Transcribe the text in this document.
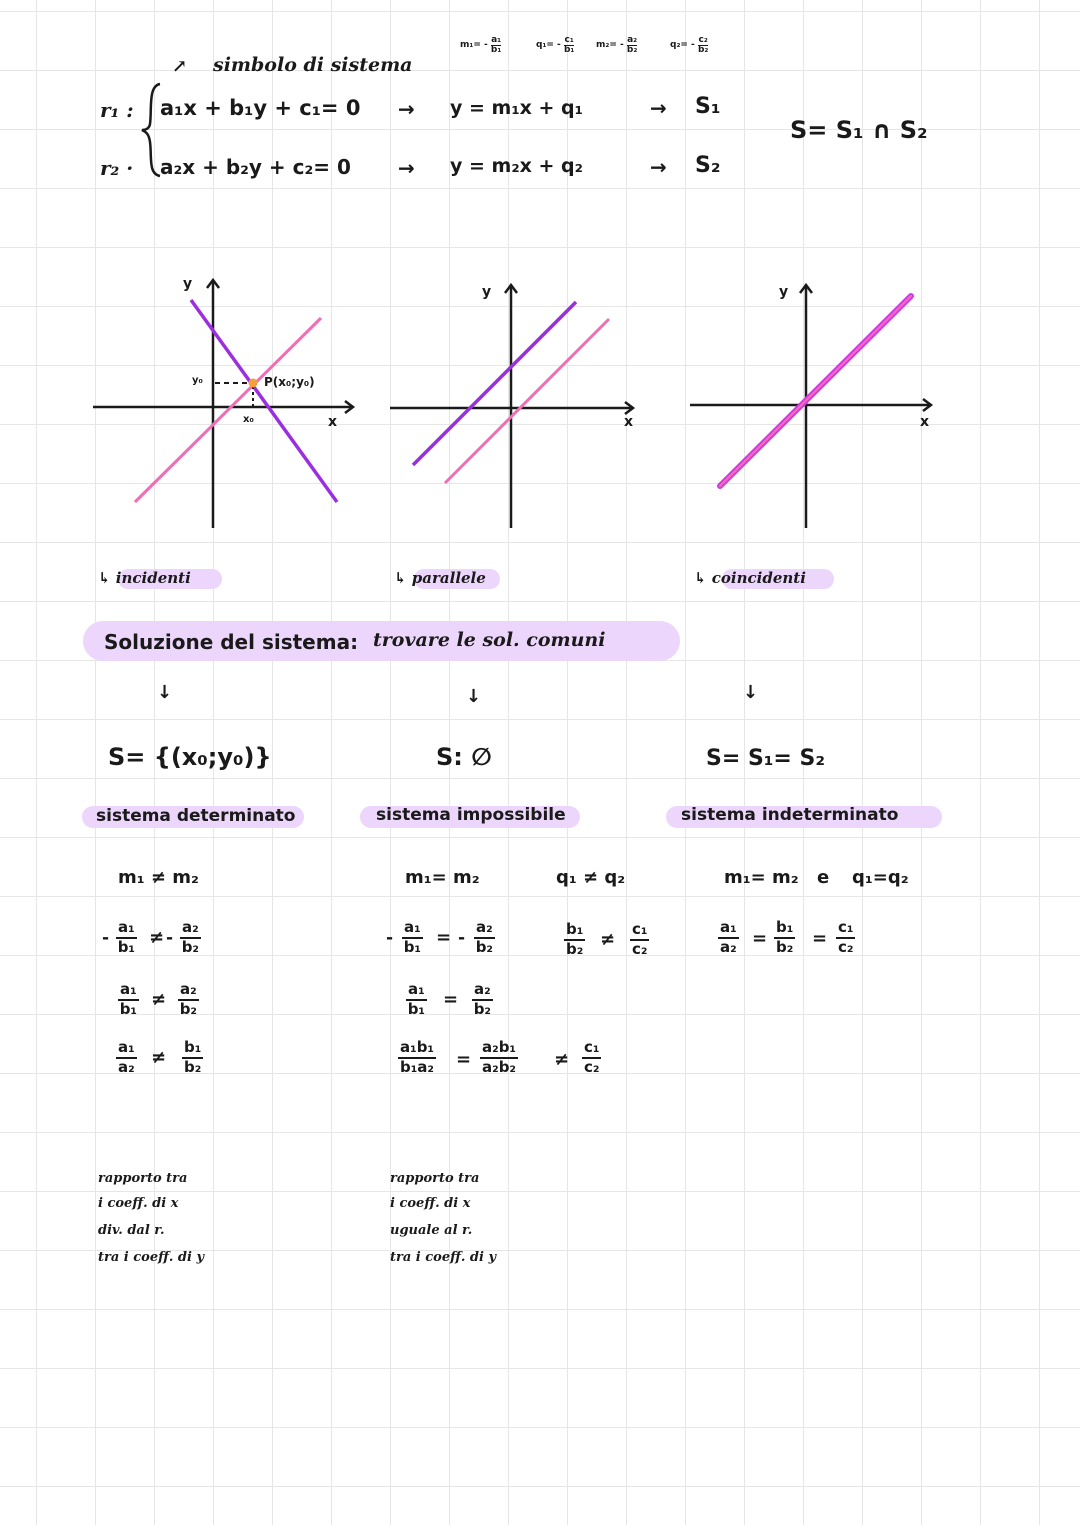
↗ simbolo di sistema
r₁ :
r₂ ·
a₁x + b₁y + c₁= 0
a₂x + b₂y + c₂= 0
→
→
y = m₁x + q₁
y = m₂x + q₂
→
→
S₁
S₂
S= S₁ ∩ S₂
$m_1= - \frac{\text{a₁}}{\text{b₁}}$	$q_1= - \frac{\text{c₁}}{\text{b₁}} m_2= - \frac{\text{a₂}}{\text{b₂}}$	$q_2= - \frac{\text{c₂}}{\text{b₂}}$
y
x
P(x₀;y₀)
y₀
x₀
y
x
y
x
↳ incidenti	↳ parallele	↳ coincidenti
Soluzione del sistema: trovare le sol. comuni
↓	↓	↓
S= {(x₀;y₀)}	S: ∅	S= S₁= S₂
sistema determinato	sistema impossibile	sistema indeterminato
m₁ ≠ m₂
- $\frac{\text{a₁}}{\text{b₁}}$ ≠ - $\frac{\text{a₂}}{\text{b₂}}$
$\frac{\text{a₁}}{\text{b₁}} \ne \frac{\text{a₂}}{\text{b₂}}$
$\frac{\text{a₁}}{\text{a₂}} \ne \frac{\text{b₁}}{\text{b₂}}$
m₁= m₂	q₁ ≠ q₂
- $\frac{\text{a₁}}{\text{b₁}}$ = - $\frac{\text{a₂}}{\text{b₂}}$	$\frac{\text{b₁}}{\text{b₂}} \ne \frac{\text{c₁}}{\text{c₂}}$
$\frac{\text{a₁}}{\text{b₁}} = \frac{\text{a₂}}{\text{b₂}}$
$\frac{\text{a₁b₁}}{\text{b₁a₂}} = \frac{\text{a₂b₁}}{\text{a₂b₂}} \ne \frac{\text{c₁}}{\text{c₂}}$
m₁= m₂ e q₁=q₂
$\frac{\text{a₁}}{\text{a₂}} = \frac{\text{b₁}}{\text{b₂}} = \frac{\text{c₁}}{\text{c₂}}$
rapporto tra
i coeff. di x
div. dal r.
tra i coeff. di y
rapporto tra
i coeff. di x
uguale al r.
tra i coeff. di y
